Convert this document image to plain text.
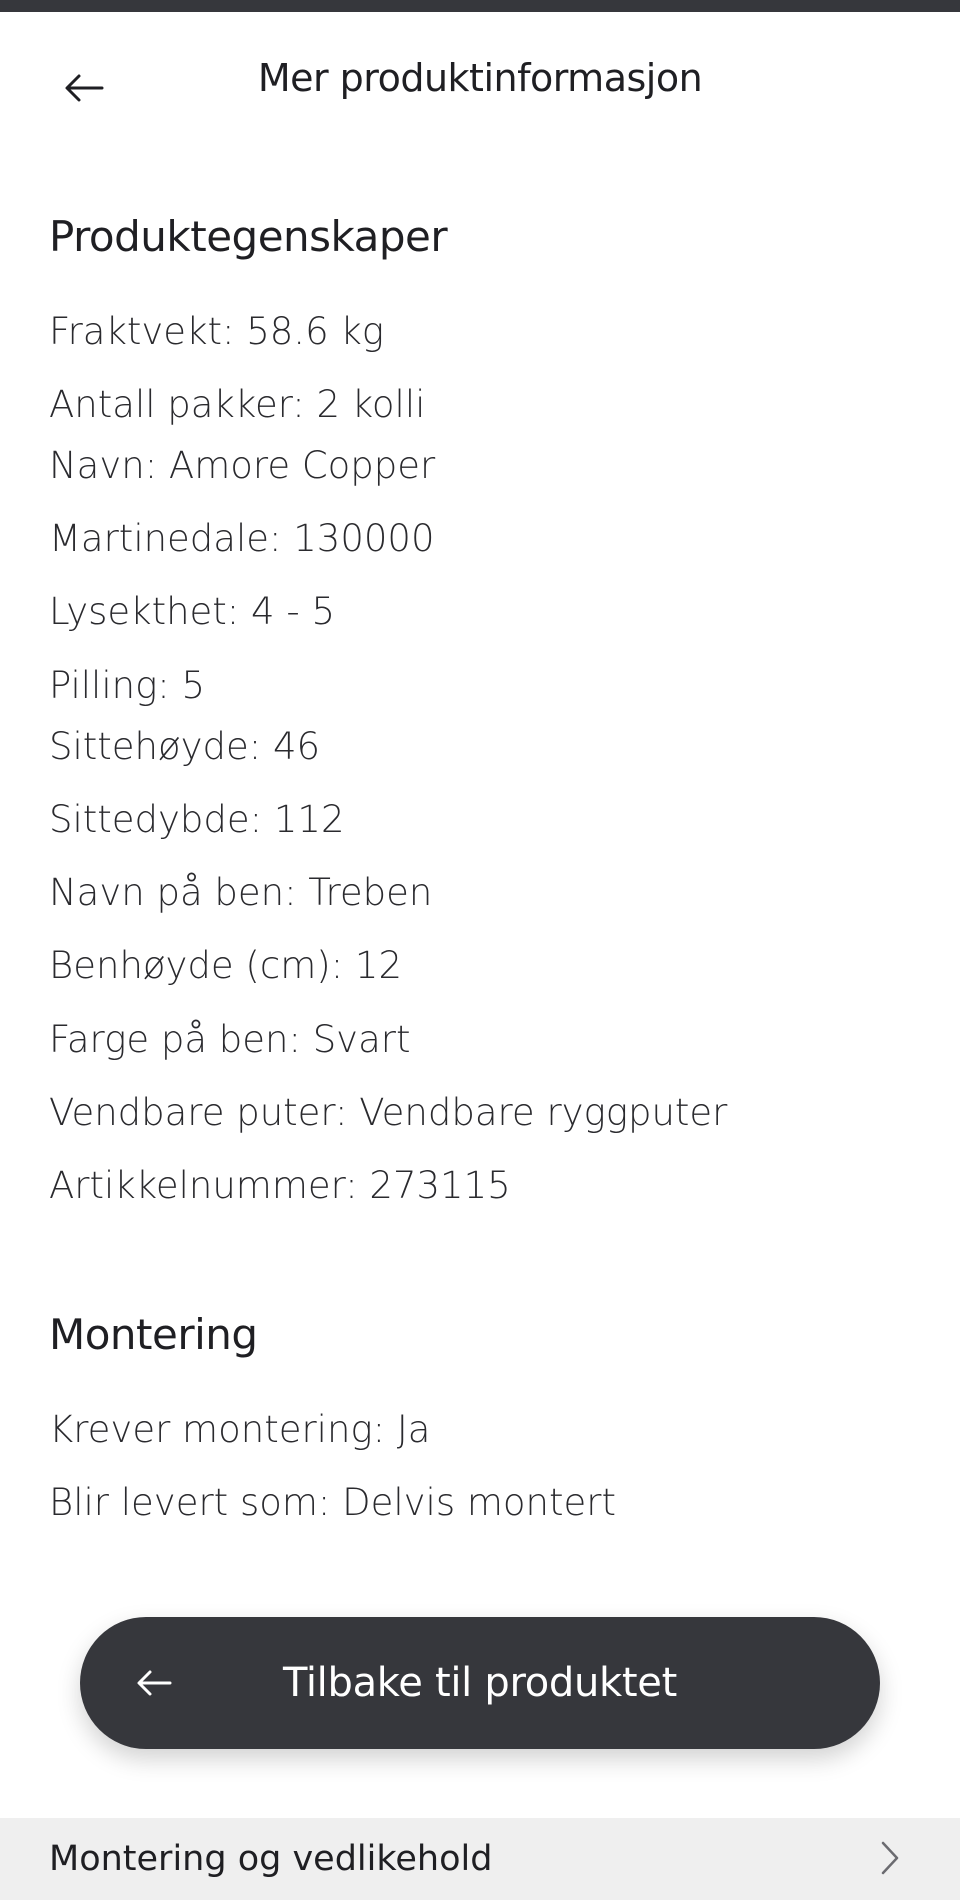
Mer produktinformasjon
Produktegenskaper
Fraktvekt: 58.6 kg
Antall pakker: 2 kolli
Navn: Amore Copper
Martinedale: 130000
Lysekthet: 4 - 5
Pilling: 5
Sittehøyde: 46
Sittedybde: 112
Navn på ben: Treben
Benhøyde (cm): 12
Farge på ben: Svart
Vendbare puter: Vendbare ryggputer
Artikkelnummer: 273115
Montering
Krever montering: Ja
Blir levert som: Delvis montert
Tilbake til produktet
Montering og vedlikehold
